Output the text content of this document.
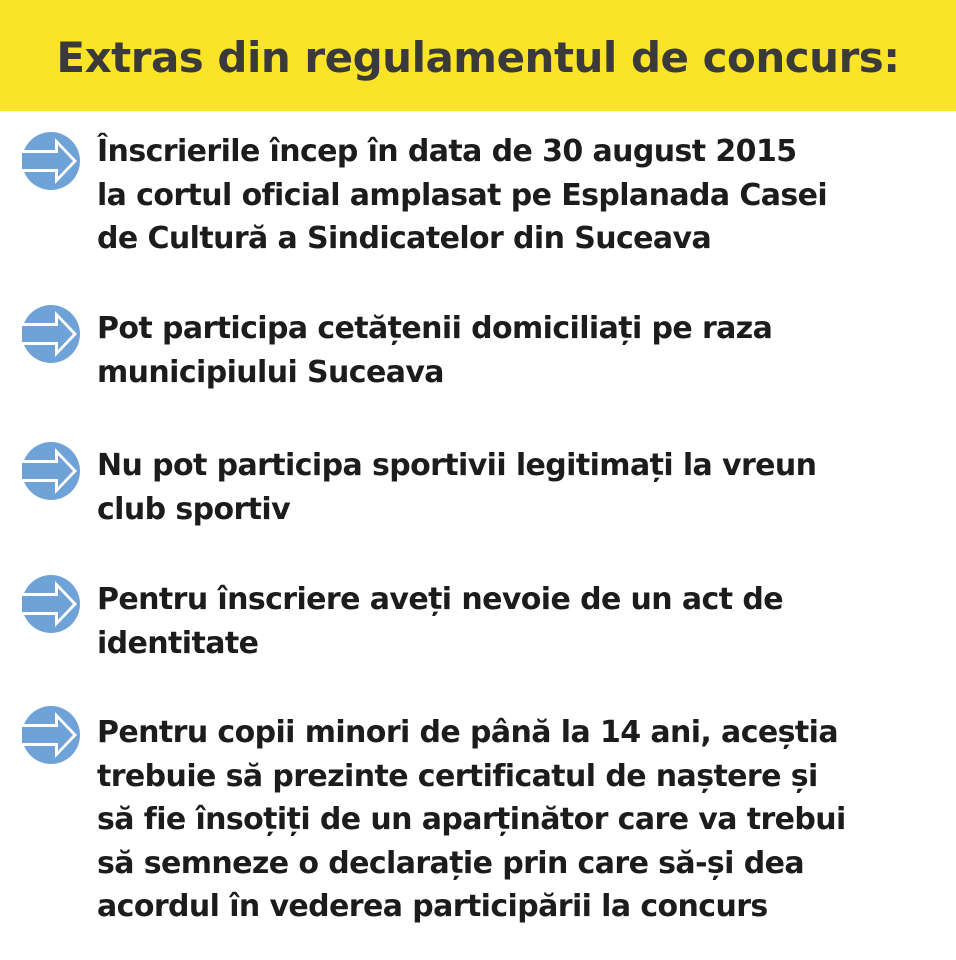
Extras din regulamentul de concurs:

Înscrierile încep în data de 30 august 2015
la cortul oficial amplasat pe Esplanada Casei
de Cultură a Sindicatelor din Suceava

Pot participa cetățenii domiciliați pe raza
municipiului Suceava

Nu pot participa sportivii legitimați la vreun
club sportiv

Pentru înscriere aveți nevoie de un act de
identitate

Pentru copii minori de până la 14 ani, aceștia
trebuie să prezinte certificatul de naștere și
să fie însoțiți de un aparținător care va trebui
să semneze o declarație prin care să-și dea
acordul în vederea participării la concurs
